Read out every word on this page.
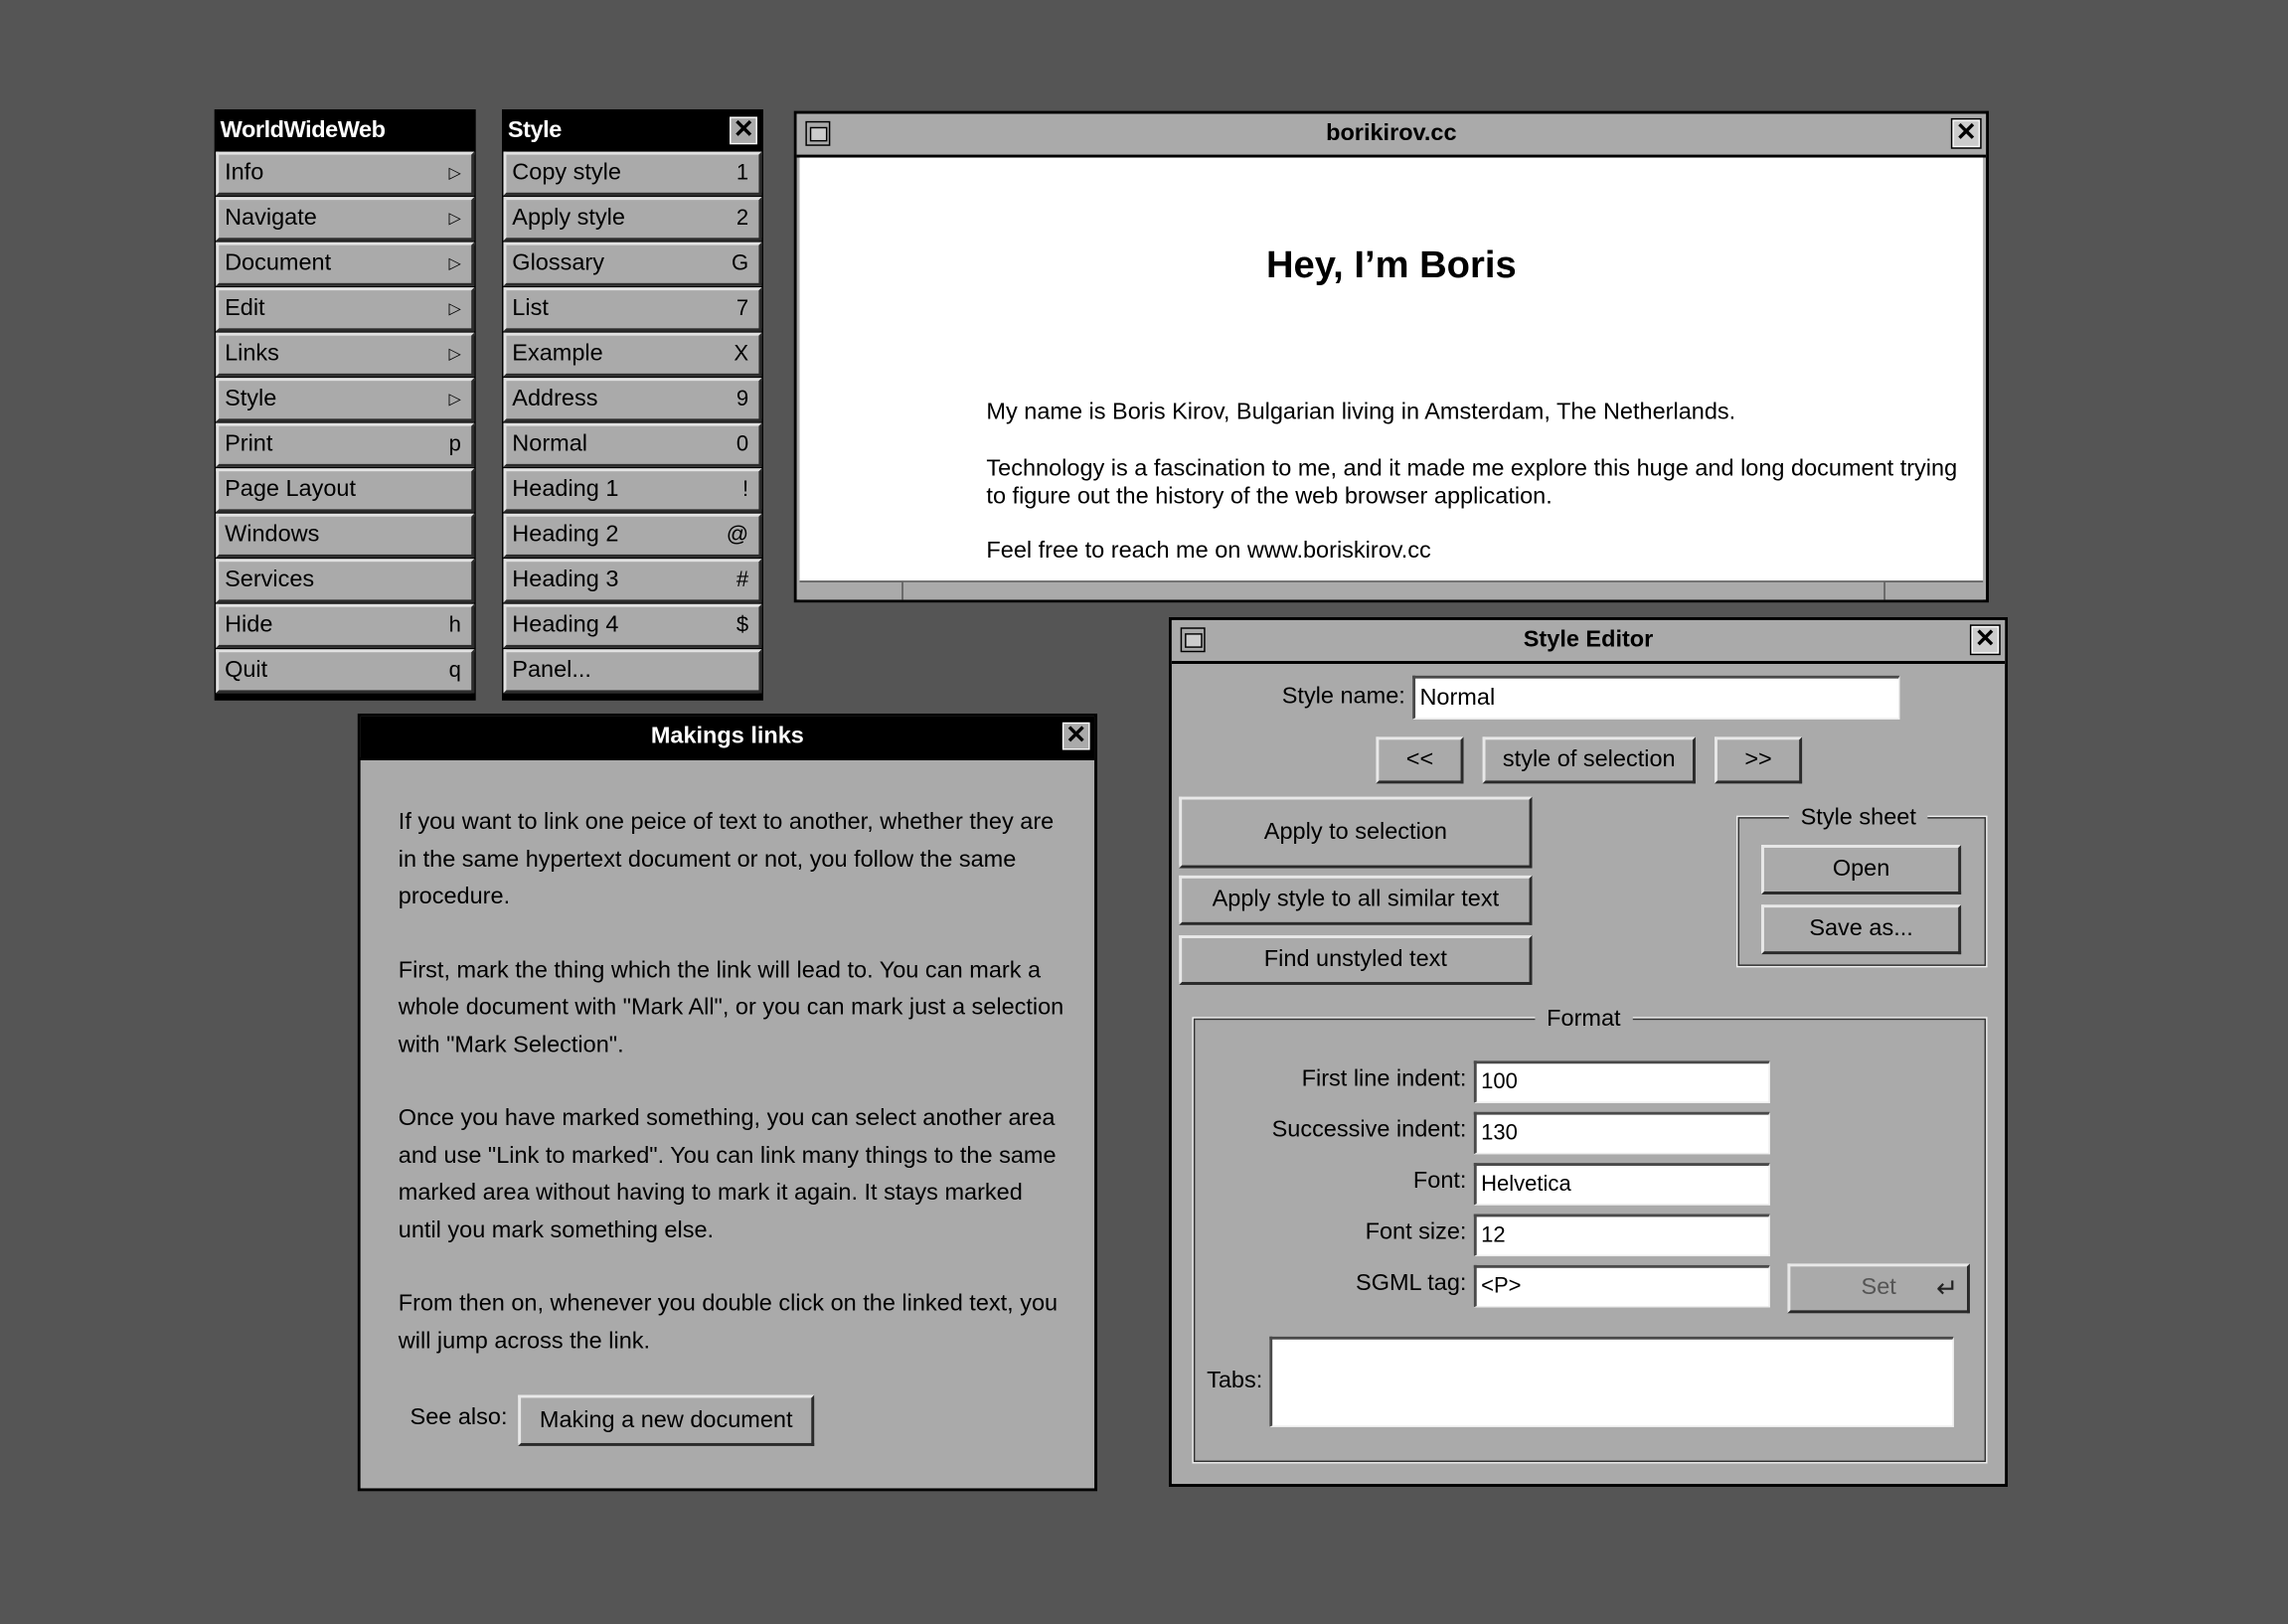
WorldWideWeb
Info	▷
Navigate	▷
Document	▷
Edit	▷
Links	▷
Style	▷
Print	p
Page Layout
Windows
Services
Hide	h
Quit	q
Style	✕
Copy style	1
Apply style	2
Glossary	G
List	7
Example	X
Address	9
Normal	0
Heading 1	!
Heading 2	@
Heading 3	#
Heading 4	$
Panel...
borikirov.cc	✕
Hey, I’m Boris

My name is Boris Kirov, Bulgarian living in Amsterdam, The Netherlands.

Technology is a fascination to me, and it made me explore this huge and long document trying to figure out the history of the web browser application.

Feel free to reach me on www.boriskirov.cc

Makings links	✕

If you want to link one peice of text to another, whether they are in the same hypertext document or not, you follow the same procedure.

First, mark the thing which the link will lead to. You can mark a whole document with "Mark All", or you can mark just a selection with "Mark Selection".

Once you have marked something, you can select another area and use "Link to marked". You can link many things to the same marked area without having to mark it again. It stays marked until you mark something else.

From then on, whenever you double click on the linked text, you will jump across the link.

See also:	Making a new document
Style Editor	✕
Style name: Normal
<<	style of selection	>>
Apply to selection
Apply style to all similar text
Find unstyled text
Style sheet
Open
Save as...
Format
First line indent: 100
Successive indent: 130
Font: Helvetica
Font size: 12
SGML tag: <P>	Set ↵
Tabs:
